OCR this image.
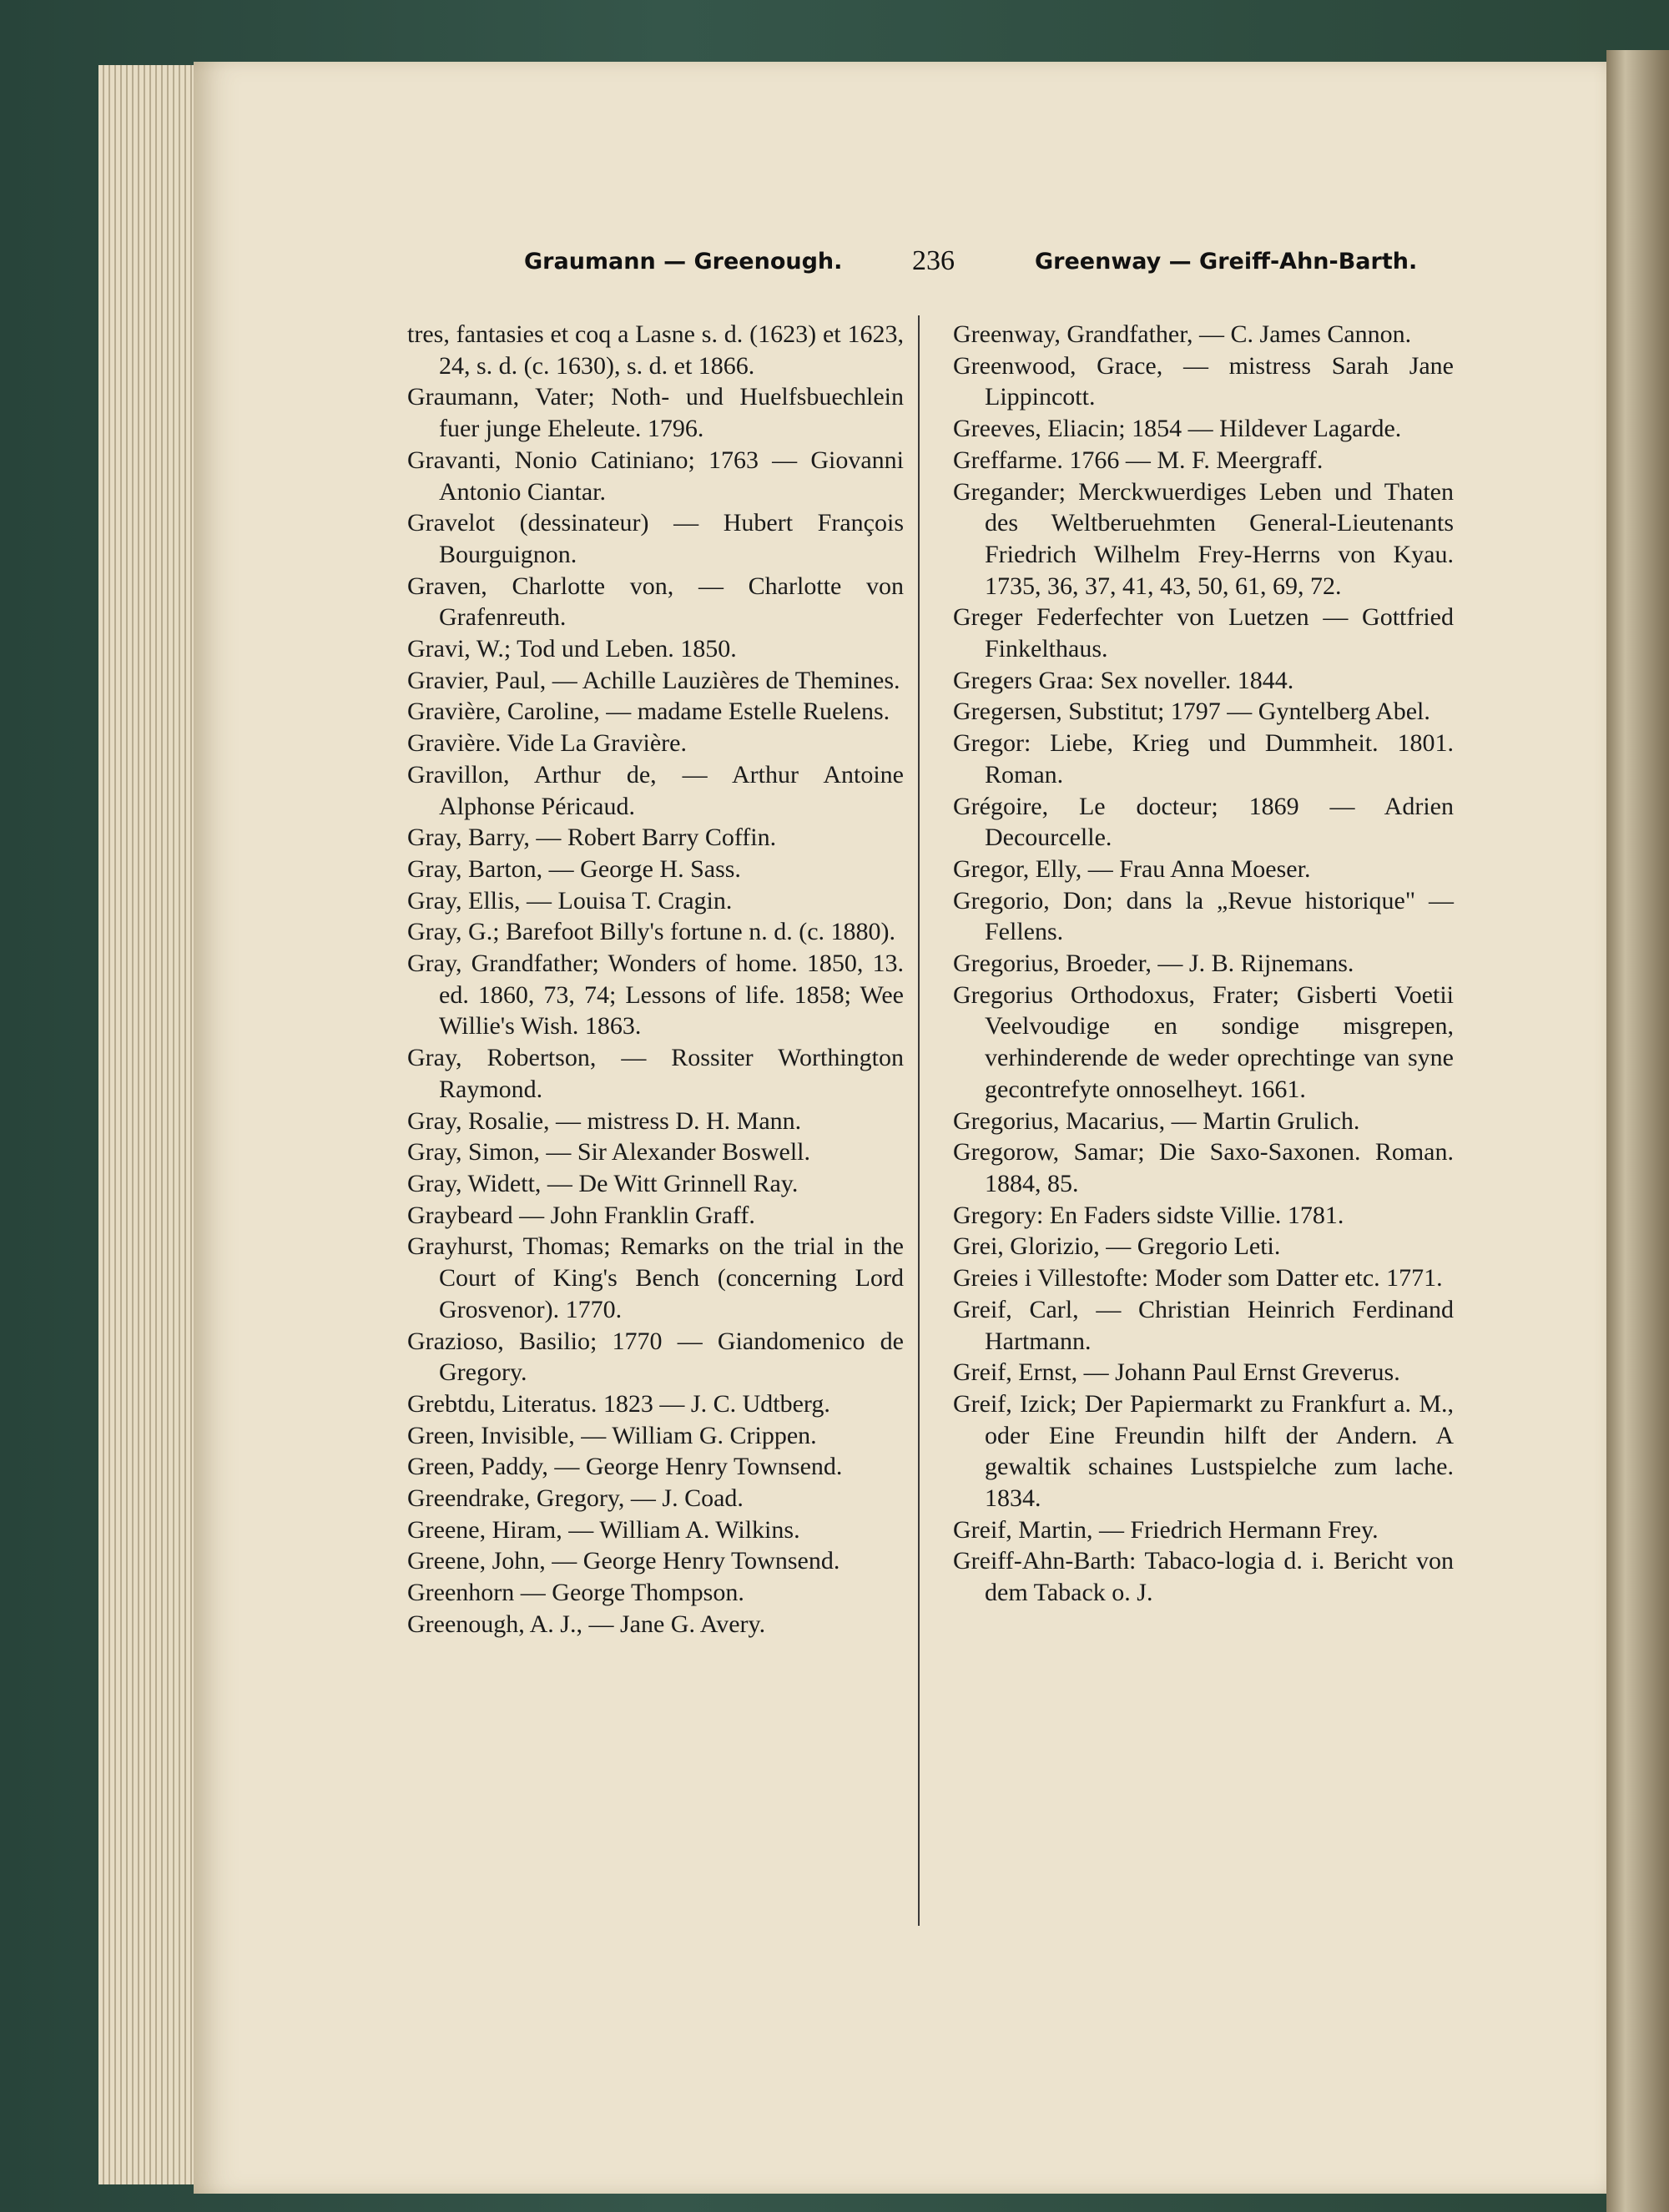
Graumann — Greenough. 236	Greenway — Greiff-Ahn-Barth.

tres, fantasies et coq a Lasne s. d. (1623) et 1623, 24, s. d. (c. 1630), s. d. et 1866.

Graumann, Vater; Noth- und Huelfsbuechlein fuer junge Eheleute. 1796.

Gravanti, Nonio Catiniano; 1763 — Giovanni Antonio Ciantar.

Gravelot (dessinateur) — Hubert François Bourguignon.

Graven, Charlotte von, — Charlotte von Grafenreuth.

Gravi, W.; Tod und Leben. 1850.

Gravier, Paul, — Achille Lauzières de Themines.

Gravière, Caroline, — madame Estelle Ruelens.

Gravière. Vide La Gravière.

Gravillon, Arthur de, — Arthur Antoine Alphonse Péricaud.

Gray, Barry, — Robert Barry Coffin.

Gray, Barton, — George H. Sass.

Gray, Ellis, — Louisa T. Cragin.

Gray, G.; Barefoot Billy's fortune n. d. (c. 1880).

Gray, Grandfather; Wonders of home. 1850, 13. ed. 1860, 73, 74; Lessons of life. 1858; Wee Willie's Wish. 1863.

Gray, Robertson, — Rossiter Worthington Raymond.

Gray, Rosalie, — mistress D. H. Mann.

Gray, Simon, — Sir Alexander Boswell.

Gray, Widett, — De Witt Grinnell Ray.

Graybeard — John Franklin Graff.

Grayhurst, Thomas; Remarks on the trial in the Court of King's Bench (concerning Lord Grosvenor). 1770.

Grazioso, Basilio; 1770 — Giandomenico de Gregory.

Grebtdu, Literatus. 1823 — J. C. Udtberg.

Green, Invisible, — William G. Crippen.

Green, Paddy, — George Henry Townsend.

Greendrake, Gregory, — J. Coad.

Greene, Hiram, — William A. Wilkins.

Greene, John, — George Henry Townsend.

Greenhorn — George Thompson.

Greenough, A. J., — Jane G. Avery.

Greenway, Grandfather, — C. James Cannon.

Greenwood, Grace, — mistress Sarah Jane Lippincott.

Greeves, Eliacin; 1854 — Hildever Lagarde.

Greffarme. 1766 — M. F. Meergraff.

Gregander; Merckwuerdiges Leben und Thaten des Weltberuehmten General-Lieutenants Friedrich Wilhelm Frey-Herrns von Kyau. 1735, 36, 37, 41, 43, 50, 61, 69, 72.

Greger Federfechter von Luetzen — Gottfried Finkelthaus.

Gregers Graa: Sex noveller. 1844.

Gregersen, Substitut; 1797 — Gyntelberg Abel.

Gregor: Liebe, Krieg und Dummheit. 1801. Roman.

Grégoire, Le docteur; 1869 — Adrien Decourcelle.

Gregor, Elly, — Frau Anna Moeser.

Gregorio, Don; dans la „Revue historique" — Fellens.

Gregorius, Broeder, — J. B. Rijnemans.

Gregorius Orthodoxus, Frater; Gisberti Voetii Veelvoudige en sondige misgrepen, verhinderende de weder oprechtinge van syne gecontrefyte onnoselheyt. 1661.

Gregorius, Macarius, — Martin Grulich.

Gregorow, Samar; Die Saxo-Saxonen. Roman. 1884, 85.

Gregory: En Faders sidste Villie. 1781.

Grei, Glorizio, — Gregorio Leti.

Greies i Villestofte: Moder som Datter etc. 1771.

Greif, Carl, — Christian Heinrich Ferdinand Hartmann.

Greif, Ernst, — Johann Paul Ernst Greverus.

Greif, Izick; Der Papiermarkt zu Frankfurt a. M., oder Eine Freundin hilft der Andern. A gewaltik schaines Lustspielche zum lache. 1834.

Greif, Martin, — Friedrich Hermann Frey.

Greiff-Ahn-Barth: Tabaco-logia d. i. Bericht von dem Taback o. J.
